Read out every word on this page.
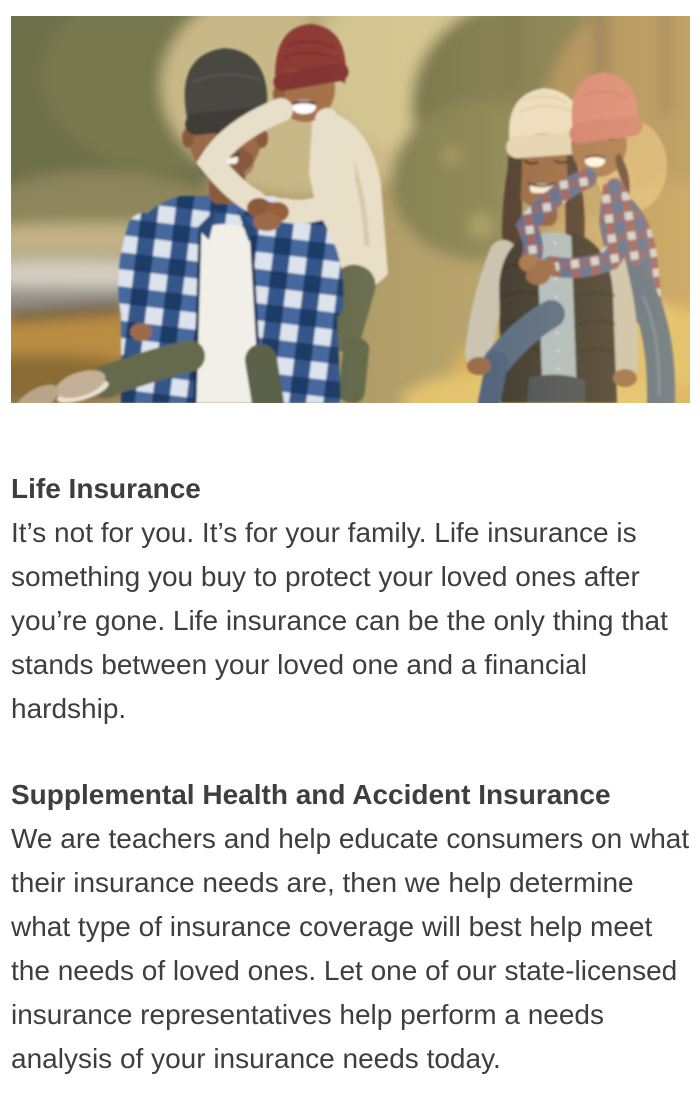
Life Insurance

It’s not for you. It’s for your family. Life insurance is something you buy to protect your loved ones after you’re gone. Life insurance can be the only thing that stands between your loved one and a financial hardship.

Supplemental Health and Accident Insurance

We are teachers and help educate consumers on what their insurance needs are, then we help determine what type of insurance coverage will best help meet the needs of loved ones. Let one of our state-licensed insurance representatives help perform a needs analysis of your insurance needs today.
